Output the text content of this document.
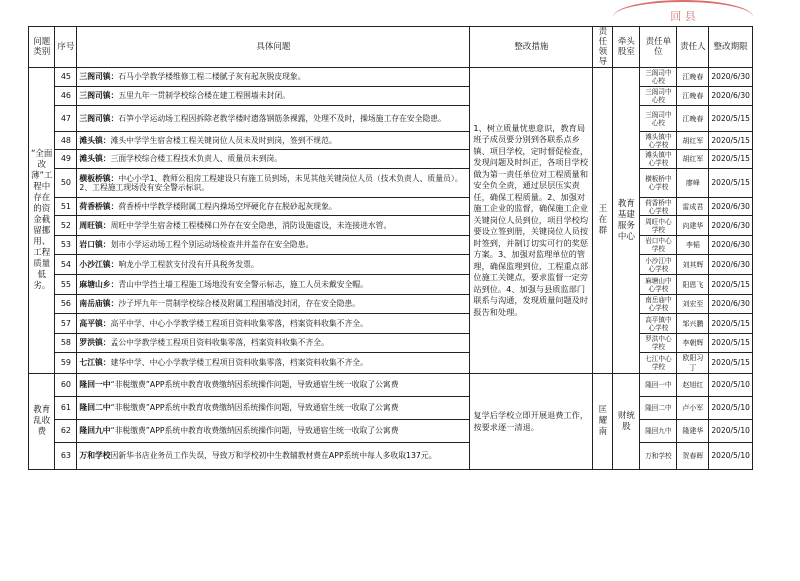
回 县
问题类别	序号	具体问题	整改措施	责任领导	牵头股室	责任单位	责任人	整改期限
“全面改薄”工程中存在的资金截留挪用、工程质量低劣。	45	三阁司镇：石马小学教学楼维修工程二楼腻子灰有起灰脱皮现象。	1、树立质量忧患意识，教育局班子成员要分别到各联系点乡镇、项目学校，定时督促检查，发现问题及时纠正，各项目学校做为第一责任单位对工程质量和安全负全责，通过层层压实责任，确保工程质量。2、加强对施工企业的监督，确保施工企业关键岗位人员到位，项目学校均要设立签到册，关键岗位人员按时签到，并制订切实可行的奖惩方案。3、加强对监理单位的管理，确保监理到位，工程重点部位施工关键点，要求监督一定旁站到位。4、加强与县质监部门联系与沟通，发现质量问题及时报告和处理。	王在群	教育基建服务中心	三阁司中心校	江晚春	2020/6/30
	46	三阁司镇：五里九年一贯制学校综合楼在建工程围墙未封闭。				三阁司中心校	江晚春	2020/6/30
	47	三阁司镇：石笋小学运动场工程因拆除老教学楼时遗落钢筋条裸露，处理不及时，操场施工存在安全隐患。				三阁司中心校	江晚春	2020/5/15
	48	滩头镇：滩头中学学生宿舍楼工程关键岗位人员未及时到岗，签到不规范。				滩头镇中心学校	胡红军	2020/5/15
	49	滩头镇：三面学校综合楼工程技术负责人、质量员未到岗。				滩头镇中心学校	胡红军	2020/5/15
	50	横板桥镇：中心小学1、教师公租房工程建设只有施工员到场，未见其他关键岗位人员（技术负责人、质量员）。2、工程施工现场没有安全警示标识。				横板桥中心学校	廖峰	2020/5/15
	51	荷香桥镇：荷香桥中学教学楼附属工程内操场空坪硬化存在脱砂起灰现象。				荷香桥中心学校	雷成君	2020/6/30
	52	周旺镇：周旺中学学生宿舍楼工程楼梯口外存在安全隐患，消防设施虚设，未连接进水管。				周旺中心学校	向建华	2020/6/30
	53	岩口镇：划市小学运动场工程个别运动场检查井并盖存在安全隐患。				岩口中心学校	李韬	2020/6/30
	54	小沙江镇：响龙小学工程款支付没有开具税务发票。				小沙江中心学校	刘其辉	2020/6/30
	55	麻塘山乡：青山中学挡土墙工程施工场地没有安全警示标志，施工人员未戴安全帽。				麻塘山中心学校	阳恩飞	2020/5/15
	56	南岳庙镇：沙子坪九年一贯制学校综合楼及附属工程围墙没封闭，存在安全隐患。				南岳庙中心学校	刘宏至	2020/6/30
	57	高平镇：高平中学、中心小学教学楼工程项目资料收集零落，档案资料收集不齐全。				高平镇中心学校	邹兴鹏	2020/5/15
	58	罗洪镇：孟公中学教学楼工程项目资料收集零落，档案资料收集不齐全。				罗洪中心学校	李朝辉	2020/5/15
	59	七江镇：建华中学、中心小学教学楼工程项目资料收集零落，档案资料收集不齐全。				七江中心学校	欧阳习丁	2020/5/15
教育乱收费	60	隆回一中“非税缴费”APP系统中教育收费缴纳因系统操作问题，导致通宿生统一收取了公寓费	复学后学校立即开展退费工作，按要求逐一清退。	匡耀南	财统股	隆回一中	赵旭红	2020/5/10
	61	隆回二中“非税缴费”APP系统中教育收费缴纳因系统操作问题，导致通宿生统一收取了公寓费				隆回二中	卢小军	2020/5/10
	62	隆回九中“非税缴费”APP系统中教育收费缴纳因系统操作问题，导致通宿生统一收取了公寓费				隆回九中	隆建华	2020/5/10
	63	万和学校因新华书店业务员工作失误，导致万和学校初中生教辅教材费在APP系统中每人多收取137元。				万和学校	贺春晖	2020/5/10
